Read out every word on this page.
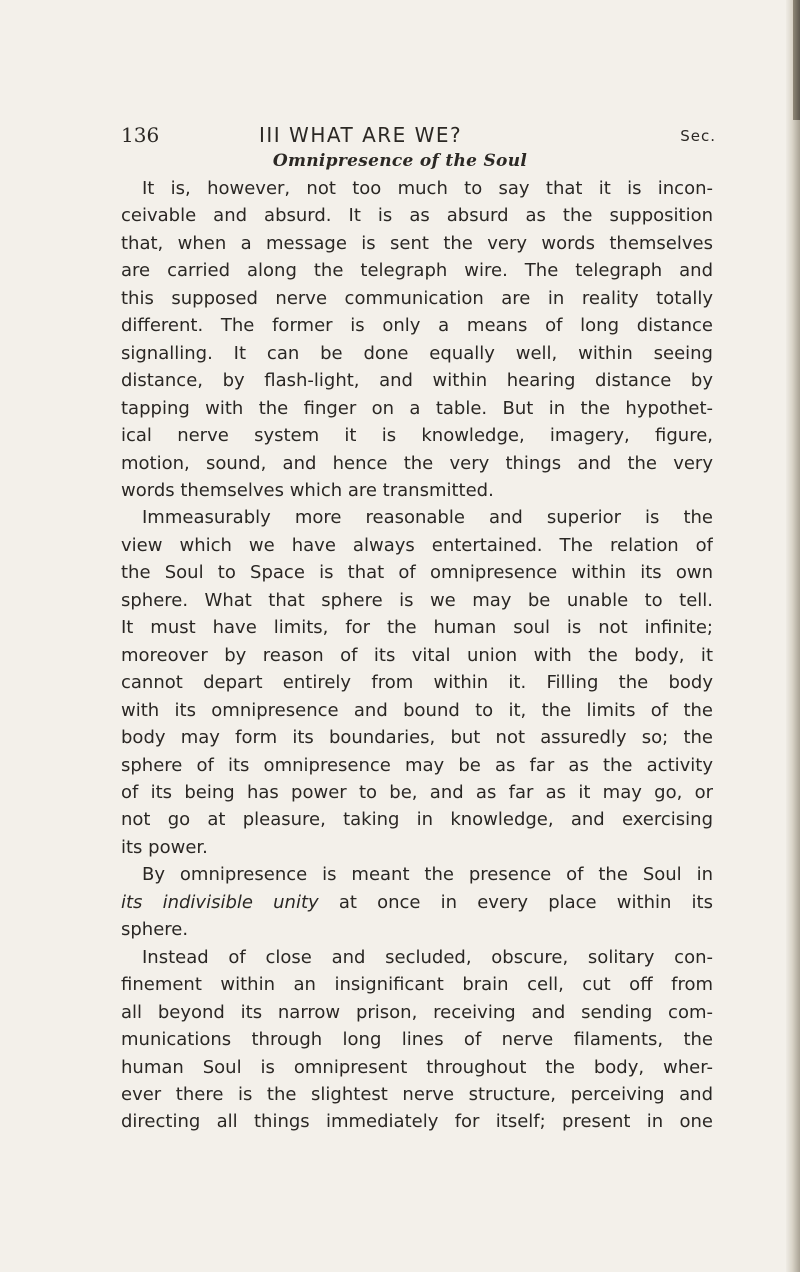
136	III WHAT ARE WE?	Sec.
Omnipresence of the Soul
It is, however, not too much to say that it is incon-
ceivable and absurd. It is as absurd as the supposition
that, when a message is sent the very words themselves
are carried along the telegraph wire. The telegraph and
this supposed nerve communication are in reality totally
different. The former is only a means of long distance
signalling. It can be done equally well, within seeing
distance, by flash-light, and within hearing distance by
tapping with the finger on a table. But in the hypothet-
ical nerve system it is knowledge, imagery, figure,
motion, sound, and hence the very things and the very
words themselves which are transmitted.
Immeasurably more reasonable and superior is the
view which we have always entertained. The relation of
the Soul to Space is that of omnipresence within its own
sphere. What that sphere is we may be unable to tell.
It must have limits, for the human soul is not infinite;
moreover by reason of its vital union with the body, it
cannot depart entirely from within it. Filling the body
with its omnipresence and bound to it, the limits of the
body may form its boundaries, but not assuredly so; the
sphere of its omnipresence may be as far as the activity
of its being has power to be, and as far as it may go, or
not go at pleasure, taking in knowledge, and exercising
its power.
By omnipresence is meant the presence of the Soul in
its indivisible unity at once in every place within its
sphere.
Instead of close and secluded, obscure, solitary con-
finement within an insignificant brain cell, cut off from
all beyond its narrow prison, receiving and sending com-
munications through long lines of nerve filaments, the
human Soul is omnipresent throughout the body, wher-
ever there is the slightest nerve structure, perceiving and
directing all things immediately for itself; present in one
